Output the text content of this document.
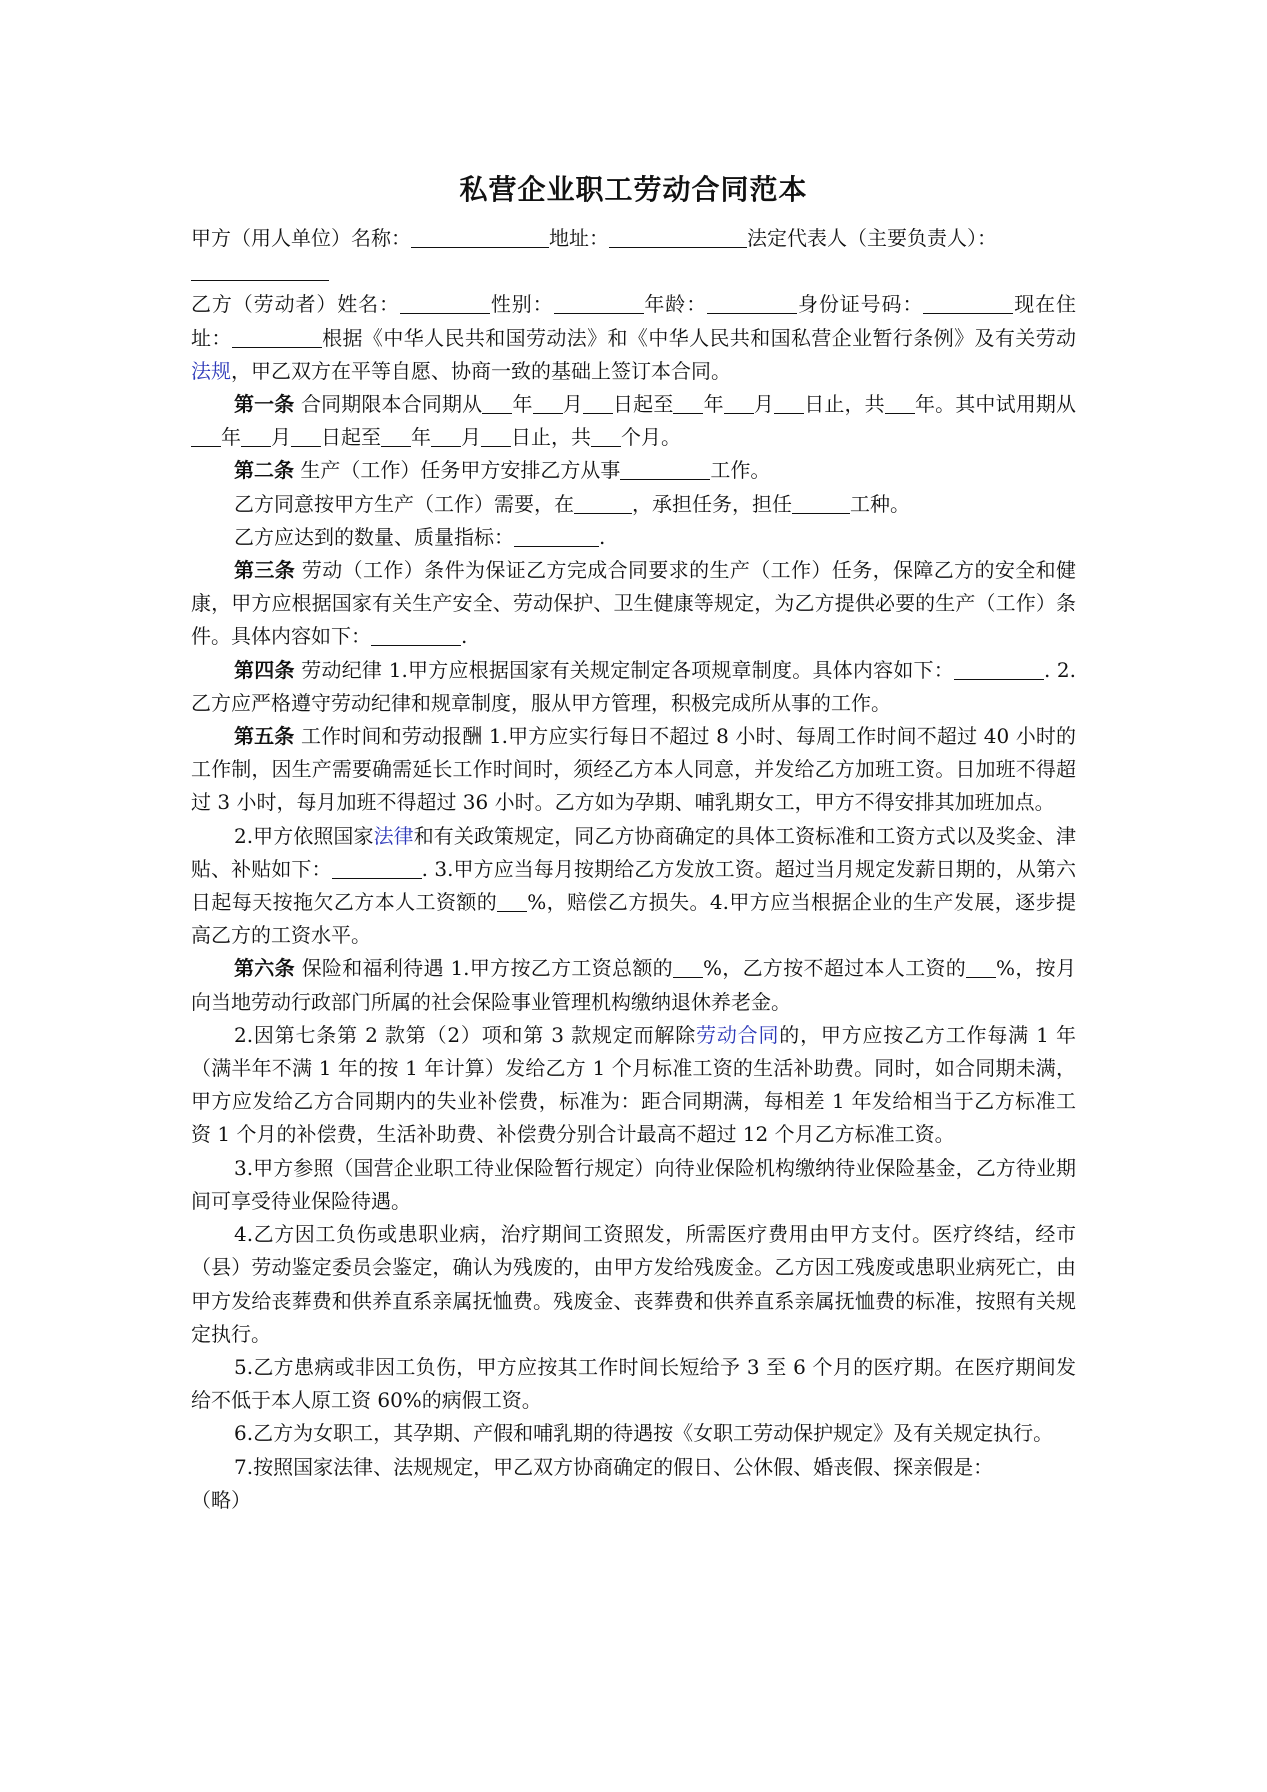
私营企业职工劳动合同范本

甲方（用人单位）名称：	地址：	法定代表人（主要负责人）：

乙方（劳动者）姓名：	性别：	年龄：	身份证号码：	现在住址：	根据《中华人民共和国劳动法》和《中华人民共和国私营企业暂行条例》及有关劳动法规，甲乙双方在平等自愿、协商一致的基础上签订本合同。

第一条 合同期限本合同期从 年 月 日起至 年 月 日止，共 年。其中试用期从年 月 日起至 年 月 日止，共 个月。

第二条 生产（工作）任务甲方安排乙方从事	工作。

乙方同意按甲方生产（工作）需要，在	，承担任务，担任	工种。

乙方应达到的数量、质量指标：	.

第三条 劳动（工作）条件为保证乙方完成合同要求的生产（工作）任务，保障乙方的安全和健康，甲方应根据国家有关生产安全、劳动保护、卫生健康等规定，为乙方提供必要的生产（工作）条件。具体内容如下：	.

第四条 劳动纪律 1.甲方应根据国家有关规定制定各项规章制度。具体内容如下：	. 2.乙方应严格遵守劳动纪律和规章制度，服从甲方管理，积极完成所从事的工作。

第五条 工作时间和劳动报酬 1.甲方应实行每日不超过 8 小时、每周工作时间不超过 40 小时的工作制，因生产需要确需延长工作时间时，须经乙方本人同意，并发给乙方加班工资。日加班不得超过 3 小时，每月加班不得超过 36 小时。乙方如为孕期、哺乳期女工，甲方不得安排其加班加点。

2.甲方依照国家法律和有关政策规定，同乙方协商确定的具体工资标准和工资方式以及奖金、津贴、补贴如下：	. 3.甲方应当每月按期给乙方发放工资。超过当月规定发薪日期的，从第六日起每天按拖欠乙方本人工资额的 %，赔偿乙方损失。4.甲方应当根据企业的生产发展，逐步提高乙方的工资水平。

第六条 保险和福利待遇 1.甲方按乙方工资总额的 %，乙方按不超过本人工资的 %，按月向当地劳动行政部门所属的社会保险事业管理机构缴纳退休养老金。

2.因第七条第 2 款第（2）项和第 3 款规定而解除劳动合同的，甲方应按乙方工作每满 1 年（满半年不满 1 年的按 1 年计算）发给乙方 1 个月标准工资的生活补助费。同时，如合同期未满，甲方应发给乙方合同期内的失业补偿费，标准为：距合同期满，每相差 1 年发给相当于乙方标准工资 1 个月的补偿费，生活补助费、补偿费分别合计最高不超过 12 个月乙方标准工资。

3.甲方参照（国营企业职工待业保险暂行规定）向待业保险机构缴纳待业保险基金，乙方待业期间可享受待业保险待遇。

4.乙方因工负伤或患职业病，治疗期间工资照发，所需医疗费用由甲方支付。医疗终结，经市（县）劳动鉴定委员会鉴定，确认为残废的，由甲方发给残废金。乙方因工残废或患职业病死亡，由甲方发给丧葬费和供养直系亲属抚恤费。残废金、丧葬费和供养直系亲属抚恤费的标准，按照有关规定执行。

5.乙方患病或非因工负伤，甲方应按其工作时间长短给予 3 至 6 个月的医疗期。在医疗期间发给不低于本人原工资 60%的病假工资。

6.乙方为女职工，其孕期、产假和哺乳期的待遇按《女职工劳动保护规定》及有关规定执行。

7.按照国家法律、法规规定，甲乙双方协商确定的假日、公休假、婚丧假、探亲假是：
（略）
